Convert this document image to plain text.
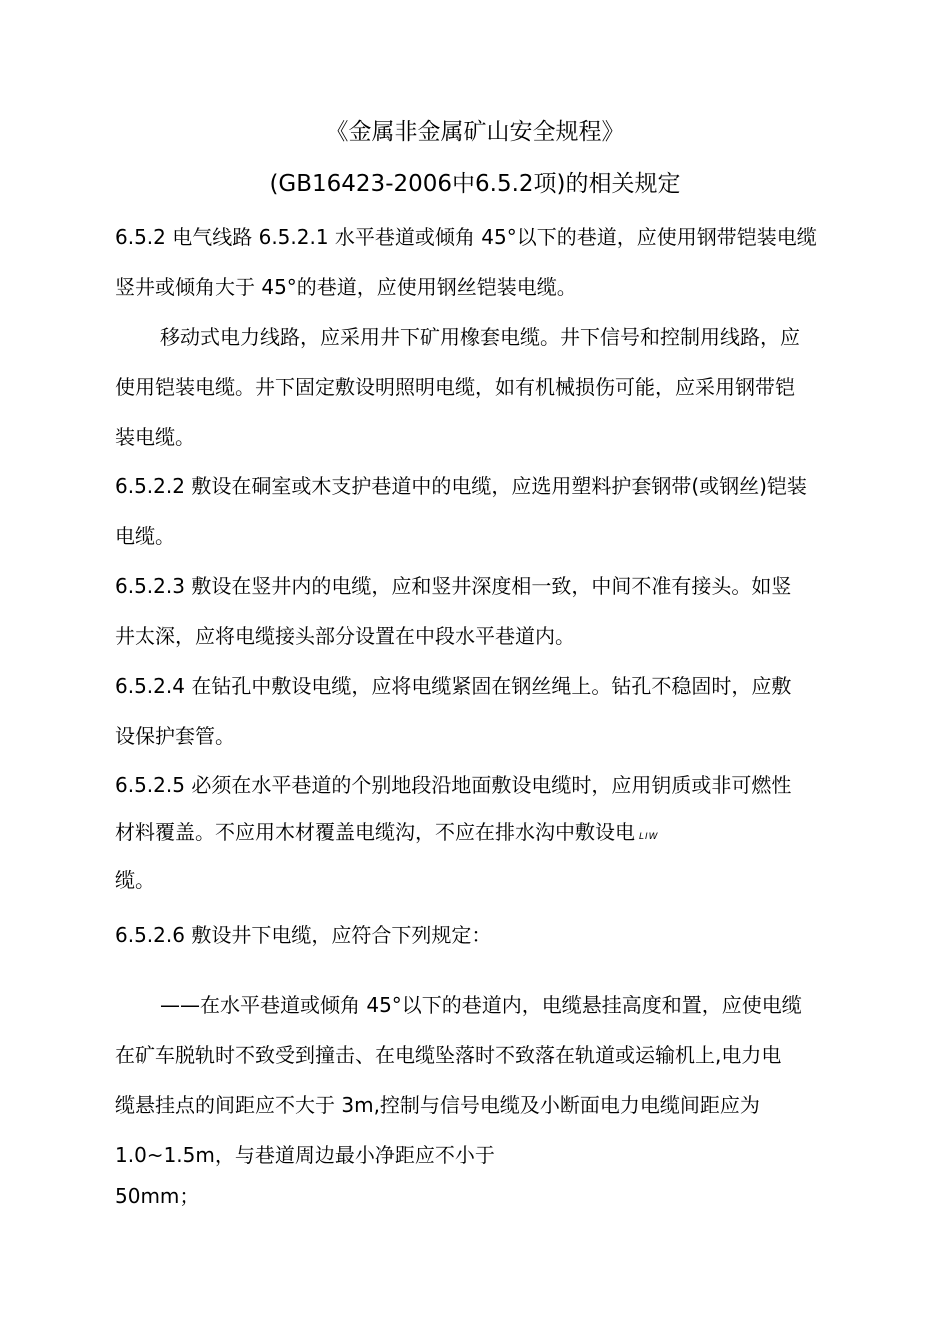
《金属非金属矿山安全规程》
(GB16423-2006中6.5.2项)的相关规定
6.5.2 电气线路 6.5.2.1 水平巷道或倾角 45°以下的巷道，应使用钢带铠装电缆
竖井或倾角大于 45°的巷道，应使用钢丝铠装电缆。
移动式电力线路，应采用井下矿用橡套电缆。井下信号和控制用线路，应
使用铠装电缆。井下固定敷设明照明电缆，如有机械损伤可能，应采用钢带铠
装电缆。
6.5.2.2 敷设在硐室或木支护巷道中的电缆，应选用塑料护套钢带(或钢丝)铠装
电缆。
6.5.2.3 敷设在竖井内的电缆，应和竖井深度相一致，中间不准有接头。如竖
井太深，应将电缆接头部分设置在中段水平巷道内。
6.5.2.4 在钻孔中敷设电缆，应将电缆紧固在钢丝绳上。钻孔不稳固时，应敷
设保护套管。
6.5.2.5 必须在水平巷道的个别地段沿地面敷设电缆时，应用钥质或非可燃性
材料覆盖。不应用木材覆盖电缆沟，不应在排水沟中敷设电 LIW
缆。
6.5.2.6 敷设井下电缆，应符合下列规定：
——在水平巷道或倾角 45°以下的巷道内，电缆悬挂高度和置，应使电缆
在矿车脱轨时不致受到撞击、在电缆坠落时不致落在轨道或运输机上,电力电
缆悬挂点的间距应不大于 3m,控制与信号电缆及小断面电力电缆间距应为
1.0~1.5m，与巷道周边最小净距应不小于
50mm；
